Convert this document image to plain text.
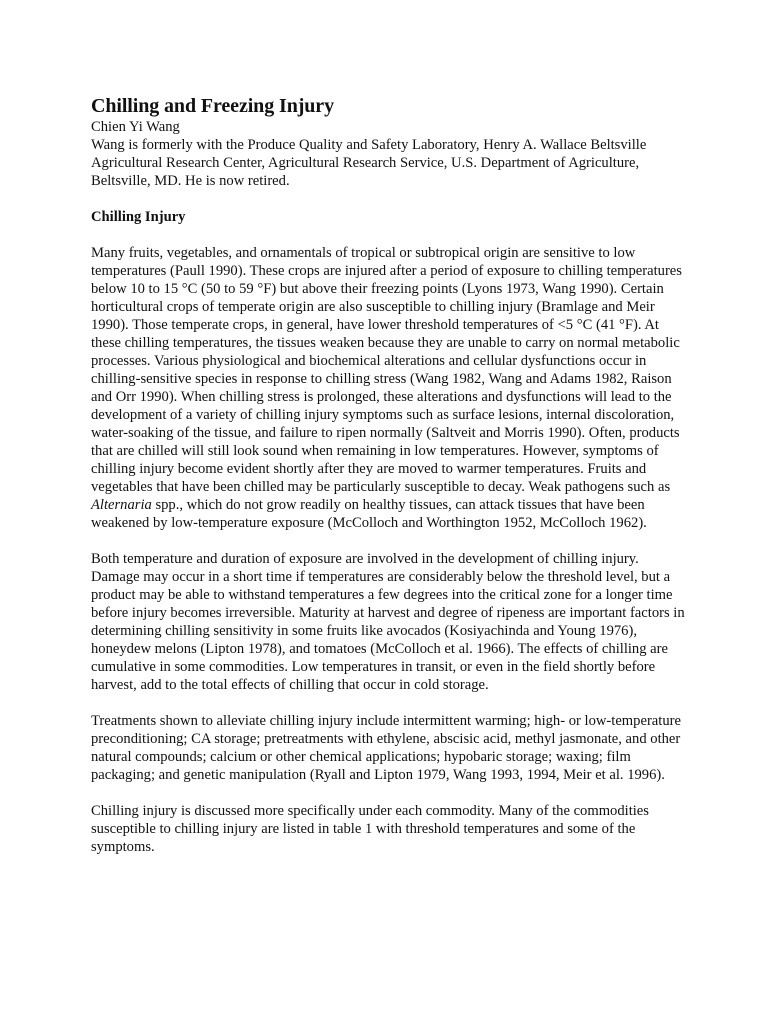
Chilling and Freezing Injury

Chien Yi Wang

Wang is formerly with the Produce Quality and Safety Laboratory, Henry A. Wallace Beltsville Agricultural Research Center, Agricultural Research Service, U.S. Department of Agriculture, Beltsville, MD. He is now retired.

Chilling Injury

Many fruits, vegetables, and ornamentals of tropical or subtropical origin are sensitive to low temperatures (Paull 1990). These crops are injured after a period of exposure to chilling temperatures below 10 to 15 °C (50 to 59 °F) but above their freezing points (Lyons 1973, Wang 1990). Certain horticultural crops of temperate origin are also susceptible to chilling injury (Bramlage and Meir 1990). Those temperate crops, in general, have lower threshold temperatures of <5 °C (41 °F). At these chilling temperatures, the tissues weaken because they are unable to carry on normal metabolic processes. Various physiological and biochemical alterations and cellular dysfunctions occur in chilling-sensitive species in response to chilling stress (Wang 1982, Wang and Adams 1982, Raison and Orr 1990). When chilling stress is prolonged, these alterations and dysfunctions will lead to the development of a variety of chilling injury symptoms such as surface lesions, internal discoloration, water-soaking of the tissue, and failure to ripen normally (Saltveit and Morris 1990). Often, products that are chilled will still look sound when remaining in low temperatures. However, symptoms of chilling injury become evident shortly after they are moved to warmer temperatures. Fruits and vegetables that have been chilled may be particularly susceptible to decay. Weak pathogens such as Alternaria spp., which do not grow readily on healthy tissues, can attack tissues that have been weakened by low-temperature exposure (McColloch and Worthington 1952, McColloch 1962).

Both temperature and duration of exposure are involved in the development of chilling injury. Damage may occur in a short time if temperatures are considerably below the threshold level, but a product may be able to withstand temperatures a few degrees into the critical zone for a longer time before injury becomes irreversible. Maturity at harvest and degree of ripeness are important factors in determining chilling sensitivity in some fruits like avocados (Kosiyachinda and Young 1976), honeydew melons (Lipton 1978), and tomatoes (McColloch et al. 1966). The effects of chilling are cumulative in some commodities. Low temperatures in transit, or even in the field shortly before harvest, add to the total effects of chilling that occur in cold storage.

Treatments shown to alleviate chilling injury include intermittent warming; high- or low-temperature preconditioning; CA storage; pretreatments with ethylene, abscisic acid, methyl jasmonate, and other natural compounds; calcium or other chemical applications; hypobaric storage; waxing; film packaging; and genetic manipulation (Ryall and Lipton 1979, Wang 1993, 1994, Meir et al. 1996).

Chilling injury is discussed more specifically under each commodity. Many of the commodities susceptible to chilling injury are listed in table 1 with threshold temperatures and some of the symptoms.
